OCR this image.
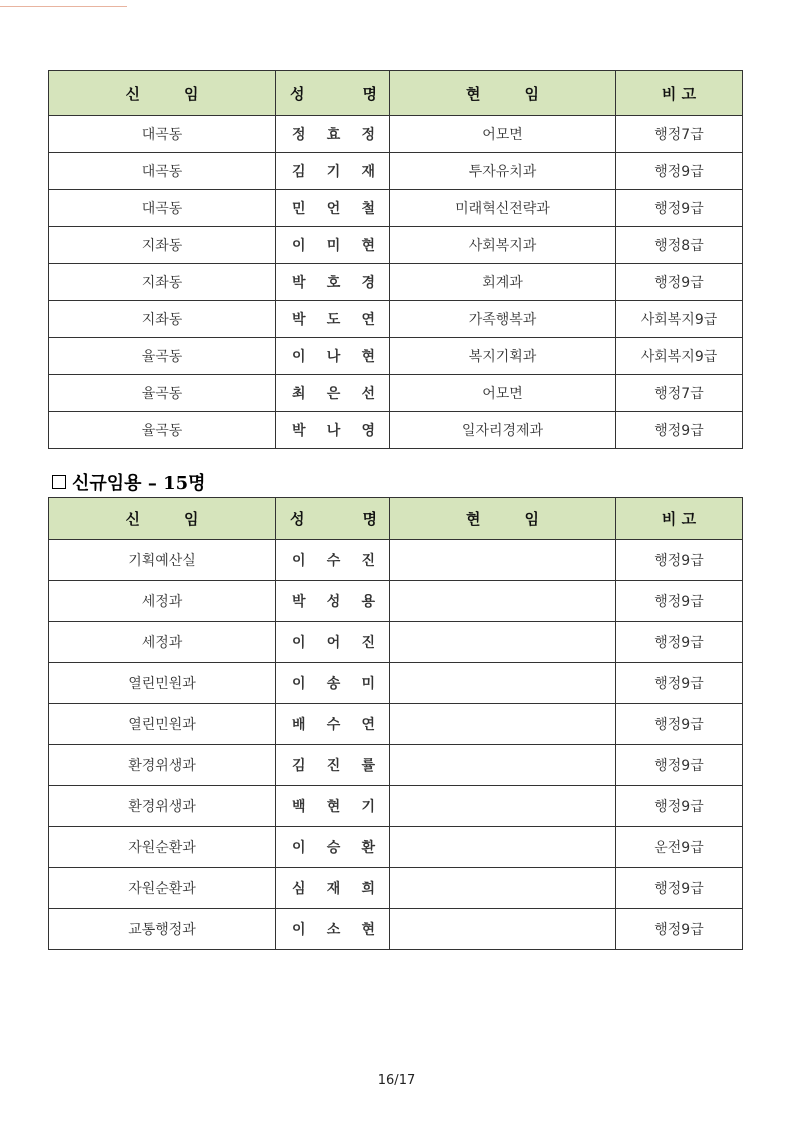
신 임	성 명	현 임	비 고
대곡동	정 효 정	어모면	행정7급
대곡동	김 기 재	투자유치과	행정9급
대곡동	민 언 철	미래혁신전략과	행정9급
지좌동	이 미 현	사회복지과	행정8급
지좌동	박 호 경	회계과	행정9급
지좌동	박 도 연	가족행복과	사회복지9급
율곡동	이 나 현	복지기획과	사회복지9급
율곡동	최 은 선	어모면	행정7급
율곡동	박 나 영	일자리경제과	행정9급
신규임용 – 15명
신 임	성 명	현 임	비 고
기획예산실	이 수 진		행정9급
세정과	박 성 용		행정9급
세정과	이 어 진		행정9급
열린민원과	이 송 미		행정9급
열린민원과	배 수 연		행정9급
환경위생과	김 진 률		행정9급
환경위생과	백 현 기		행정9급
자원순환과	이 승 환		운전9급
자원순환과	심 재 희		행정9급
교통행정과	이 소 현		행정9급
16/17
